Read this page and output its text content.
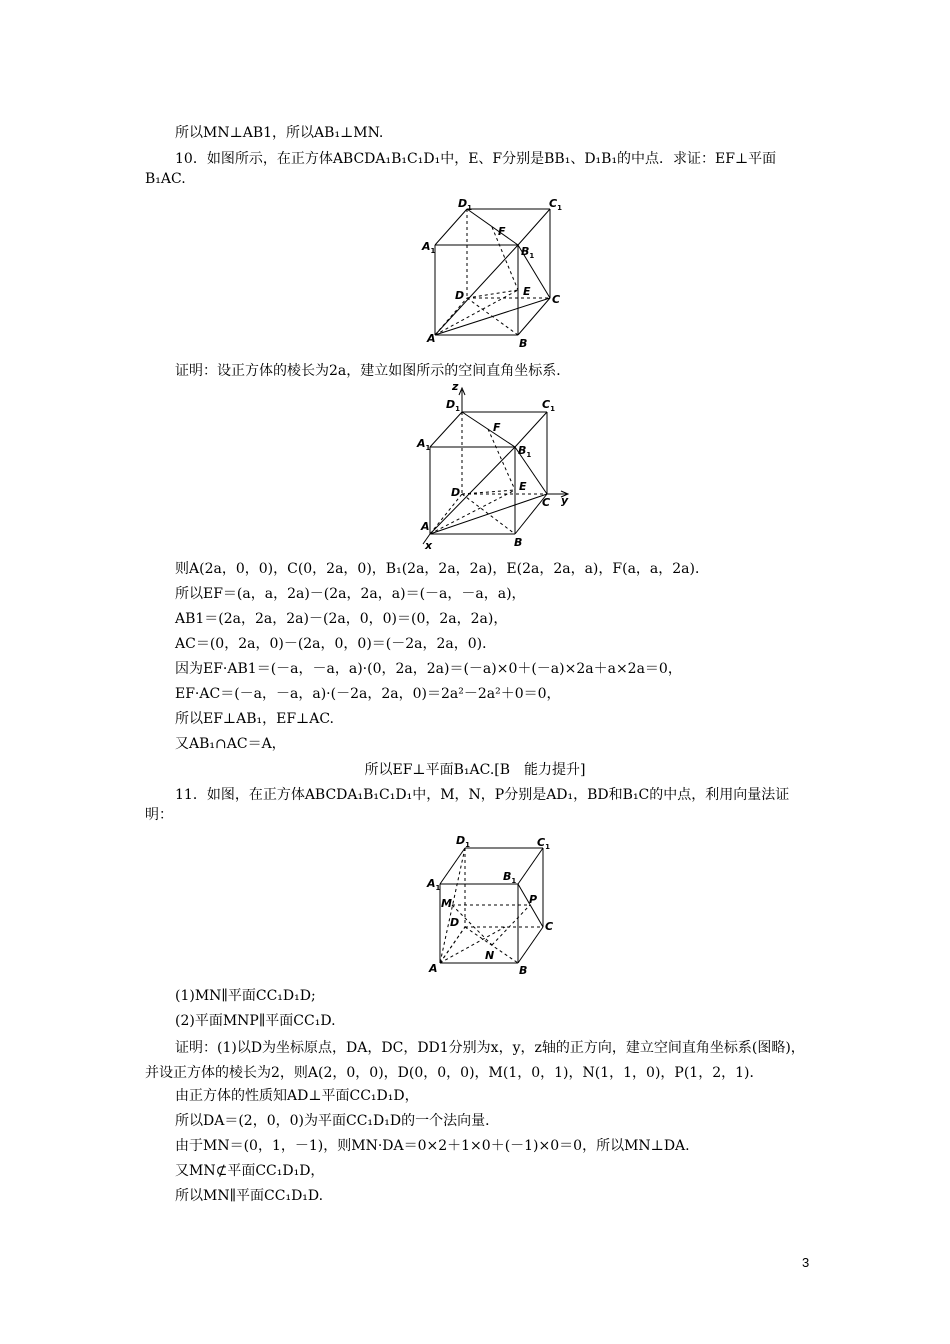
所以MN⊥AB1，所以AB₁⊥MN.
10．如图所示，在正方体ABCDA₁B₁C₁D₁中，E、F分别是BB₁、D₁B₁的中点．求证：EF⊥平面B₁AC.
$D_1$	$C_1$
$A_1$	$B_1$
F
D	E
C
A	B
证明：设正方体的棱长为2a，建立如图所示的空间直角坐标系．
z
$D_1$	$C_1$
$A_1$	$B_1$
F
D	E
C y
A
B
x
则A(2a，0，0)，C(0，2a，0)，B₁(2a，2a，2a)，E(2a，2a，a)，F(a，a，2a)．
所以EF＝(a，a，2a)－(2a，2a，a)＝(－a，－a，a)，
AB1＝(2a，2a，2a)－(2a，0，0)＝(0，2a，2a)，
AC＝(0，2a，0)－(2a，0，0)＝(－2a，2a，0)．
因为EF·AB1＝(－a，－a，a)·(0，2a，2a)＝(－a)×0＋(－a)×2a＋a×2a＝0，
EF·AC＝(－a，－a，a)·(－2a，2a，0)＝2a²－2a²＋0＝0，
所以EF⊥AB₁，EF⊥AC.
又AB₁∩AC＝A，
所以EF⊥平面B₁AC.[B　能力提升]
11．如图，在正方体ABCDA₁B₁C₁D₁中，M，N，P分别是AD₁，BD和B₁C的中点，利用向量法证明：
$D_1$	$C_1$
$A_1$
$B_1$
P
M
D	C
N
A	B
(1)MN∥平面CC₁D₁D;
(2)平面MNP∥平面CC₁D.
证明：(1)以D为坐标原点，DA，DC，DD1分别为x，y，z轴的正方向，建立空间直角坐标系(图略)，并设正方体的棱长为2，则A(2，0，0)，D(0，0，0)，M(1，0，1)，N(1，1，0)，P(1，2，1)．
由正方体的性质知AD⊥平面CC₁D₁D，
所以DA＝(2，0，0)为平面CC₁D₁D的一个法向量．
由于MN＝(0，1，－1)，则MN·DA＝0×2＋1×0＋(－1)×0＝0，所以MN⊥DA.
又MN⊄平面CC₁D₁D，
所以MN∥平面CC₁D₁D.
3
